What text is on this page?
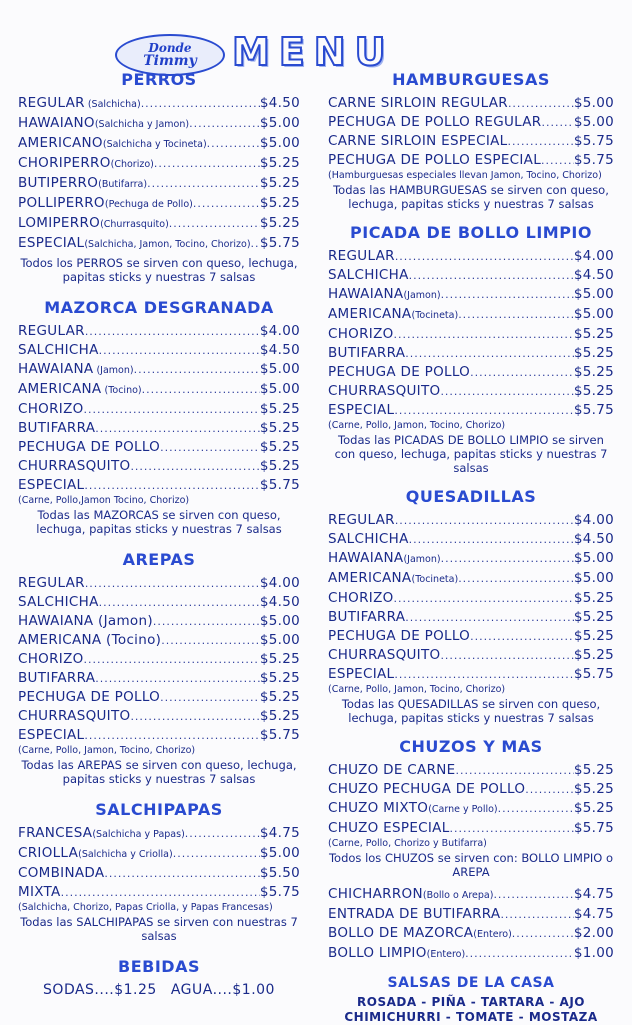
Donde
Timmy MENU
PERROS
REGULAR (Salchicha) .....	$4.50
HAWAIANO(Salchicha y Jamon) .....	$5.00
AMERICANO(Salchicha y Tocineta) .....	$5.00
CHORIPERRO(Chorizo) .....	$5.25
BUTIPERRO(Butifarra) .....	$5.25
POLLIPERRO(Pechuga de Pollo) .....	$5.25
LOMIPERRO(Churrasquito) .....	$5.25
ESPECIAL(Salchicha, Jamon, Tocino, Chorizo) ..... $5.75
Todos los PERROS se sirven con queso, lechuga, papitas sticks y nuestras 7 salsas
MAZORCA DESGRANADA
REGULAR .....	$4.00
SALCHICHA .....	$4.50
HAWAIANA (Jamon) .....	$5.00
AMERICANA (Tocino) .....	$5.00
CHORIZO .....	$5.25
BUTIFARRA .....	$5.25
PECHUGA DE POLLO .....	$5.25
CHURRASQUITO .....	$5.25
ESPECIAL .....	$5.75
(Carne, Pollo,Jamon Tocino, Chorizo)
Todas las MAZORCAS se sirven con queso, lechuga, papitas sticks y nuestras 7 salsas
AREPAS
REGULAR .....	$4.00
SALCHICHA .....	$4.50
HAWAIANA (Jamon) .....	$5.00
AMERICANA (Tocino) .....	$5.00
CHORIZO .....	$5.25
BUTIFARRA .....	$5.25
PECHUGA DE POLLO .....	$5.25
CHURRASQUITO .....	$5.25
ESPECIAL .....	$5.75
(Carne, Pollo, Jamon, Tocino, Chorizo)
Todas las AREPAS se sirven con queso, lechuga, papitas sticks y nuestras 7 salsas
SALCHIPAPAS
FRANCESA(Salchicha y Papas) .....	$4.75
CRIOLLA(Salchicha y Criolla) .....	$5.00
COMBINADA .....	$5.50
MIXTA .....	$5.75
(Salchicha, Chorizo, Papas Criolla, y Papas Francesas)
Todas las SALCHIPAPAS se sirven con nuestras 7 salsas
BEBIDAS
SODAS....$1.25 AGUA....$1.00
HAMBURGUESAS
CARNE SIRLOIN REGULAR .....	$5.00
PECHUGA DE POLLO REGULAR ..... $5.00
CARNE SIRLOIN ESPECIAL .....	$5.75
PECHUGA DE POLLO ESPECIAL ..... $5.75
(Hamburguesas especiales llevan Jamon, Tocino, Chorizo)
Todas las HAMBURGUESAS se sirven con queso, lechuga, papitas sticks y nuestras 7 salsas
PICADA DE BOLLO LIMPIO
REGULAR .....	$4.00
SALCHICHA .....	$4.50
HAWAIANA(Jamon) .....	$5.00
AMERICANA(Tocineta) .....	$5.00
CHORIZO .....	$5.25
BUTIFARRA .....	$5.25
PECHUGA DE POLLO .....	$5.25
CHURRASQUITO .....	$5.25
ESPECIAL .....	$5.75
(Carne, Pollo, Jamon, Tocino, Chorizo)
Todas las PICADAS DE BOLLO LIMPIO se sirven con queso, lechuga, papitas sticks y nuestras 7 salsas
QUESADILLAS
REGULAR .....	$4.00
SALCHICHA .....	$4.50
HAWAIANA(Jamon) .....	$5.00
AMERICANA(Tocineta) .....	$5.00
CHORIZO .....	$5.25
BUTIFARRA .....	$5.25
PECHUGA DE POLLO .....	$5.25
CHURRASQUITO .....	$5.25
ESPECIAL .....	$5.75
(Carne, Pollo, Jamon, Tocino, Chorizo)
Todas las QUESADILLAS se sirven con queso, lechuga, papitas sticks y nuestras 7 salsas
CHUZOS Y MAS
CHUZO DE CARNE .....	$5.25
CHUZO PECHUGA DE POLLO .....	$5.25
CHUZO MIXTO(Carne y Pollo) .....	$5.25
CHUZO ESPECIAL .....	$5.75
(Carne, Pollo, Chorizo y Butifarra)
Todos los CHUZOS se sirven con: BOLLO LIMPIO o AREPA
CHICHARRON(Bollo o Arepa) .....	$4.75
ENTRADA DE BUTIFARRA .....	$4.75
BOLLO DE MAZORCA(Entero) .....	$2.00
BOLLO LIMPIO(Entero) .....	$1.00
SALSAS DE LA CASA
ROSADA - PIÑA - TARTARA - AJO
CHIMICHURRI - TOMATE - MOSTAZA
